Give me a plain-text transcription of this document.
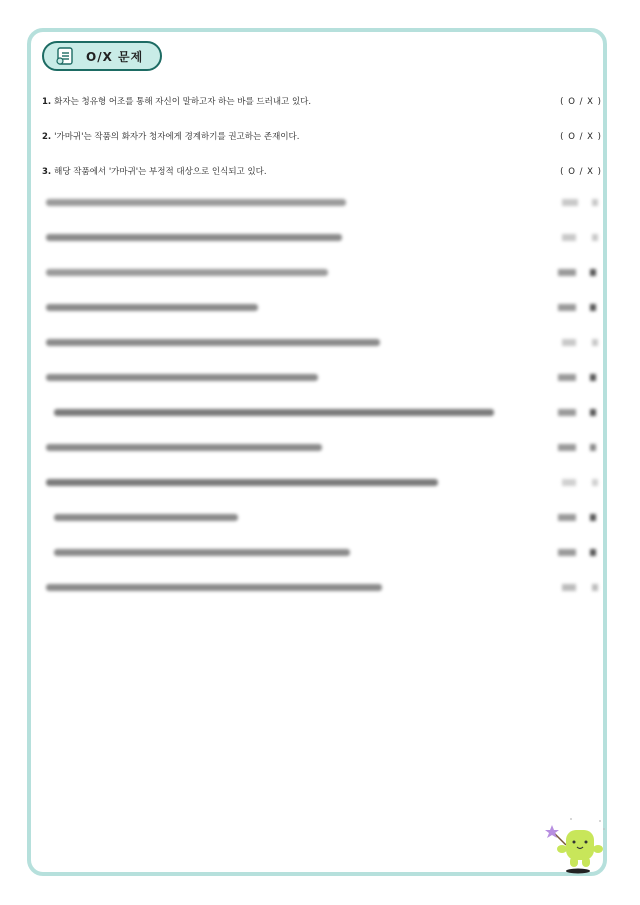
O/X 문제
1. 화자는 청유형 어조를 통해 자신이 말하고자 하는 바를 드러내고 있다.	( O / X )
2. '가마귀'는 작품의 화자가 청자에게 경계하기를 권고하는 존재이다.	( O / X )
3. 해당 작품에서 '가마귀'는 부정적 대상으로 인식되고 있다.	( O / X )
